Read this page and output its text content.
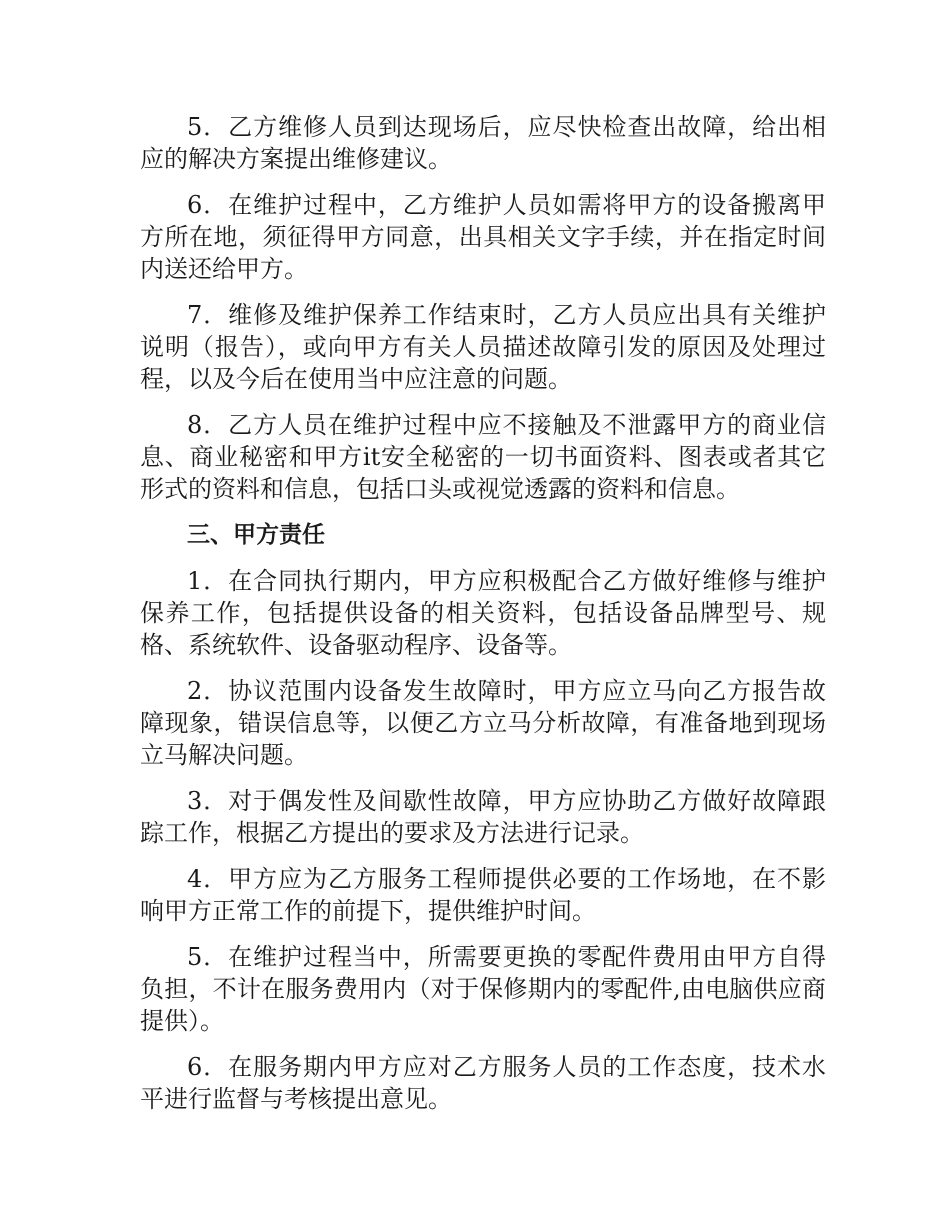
5．乙方维修人员到达现场后，应尽快检查出故障，给出相应的解决方案提出维修建议。

6．在维护过程中，乙方维护人员如需将甲方的设备搬离甲方所在地，须征得甲方同意，出具相关文字手续，并在指定时间内送还给甲方。

7．维修及维护保养工作结束时，乙方人员应出具有关维护说明（报告），或向甲方有关人员描述故障引发的原因及处理过程，以及今后在使用当中应注意的问题。

8．乙方人员在维护过程中应不接触及不泄露甲方的商业信息、商业秘密和甲方it安全秘密的一切书面资料、图表或者其它形式的资料和信息，包括口头或视觉透露的资料和信息。

三、甲方责任

1．在合同执行期内，甲方应积极配合乙方做好维修与维护保养工作，包括提供设备的相关资料，包括设备品牌型号、规格、系统软件、设备驱动程序、设备等。

2．协议范围内设备发生故障时，甲方应立马向乙方报告故障现象，错误信息等，以便乙方立马分析故障，有准备地到现场立马解决问题。

3．对于偶发性及间歇性故障，甲方应协助乙方做好故障跟踪工作，根据乙方提出的要求及方法进行记录。

4．甲方应为乙方服务工程师提供必要的工作场地，在不影响甲方正常工作的前提下，提供维护时间。

5．在维护过程当中，所需要更换的零配件费用由甲方自得负担，不计在服务费用内（对于保修期内的零配件,由电脑供应商提供）。

6．在服务期内甲方应对乙方服务人员的工作态度，技术水平进行监督与考核提出意见。
